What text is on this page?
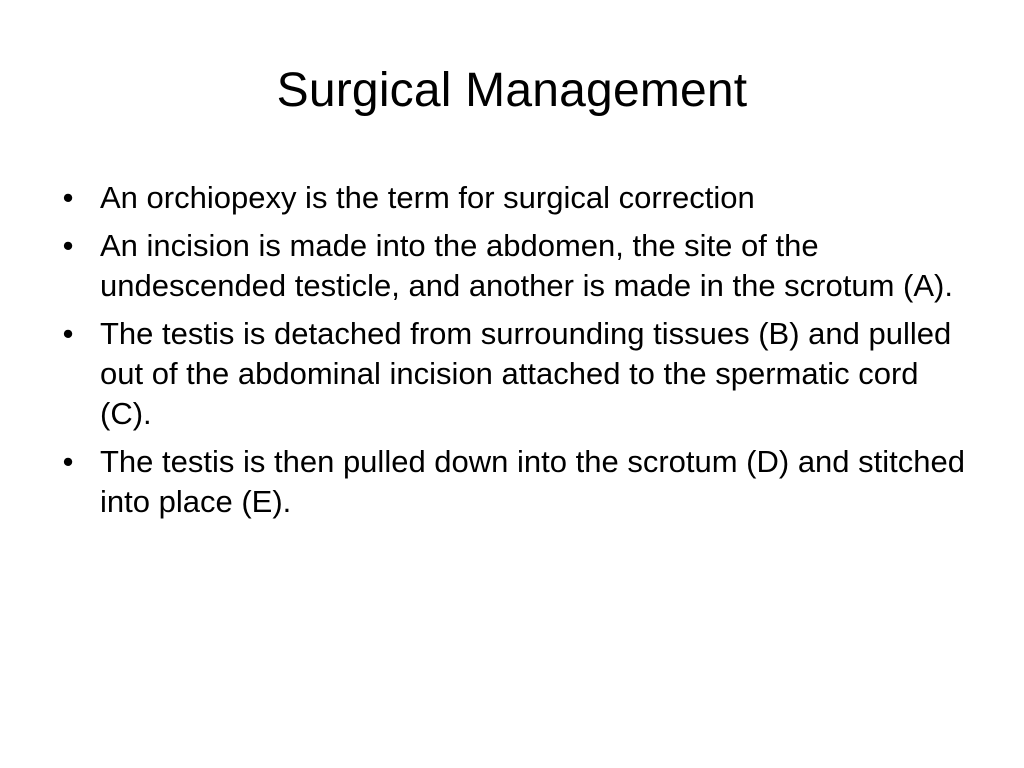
Surgical Management
• An orchiopexy is the term for surgical correction
• An incision is made into the abdomen, the site of the undescended testicle, and another is made in the scrotum (A).
• The testis is detached from surrounding tissues (B) and pulled out of the abdominal incision attached to the spermatic cord (C).
• The testis is then pulled down into the scrotum (D) and stitched into place (E).
